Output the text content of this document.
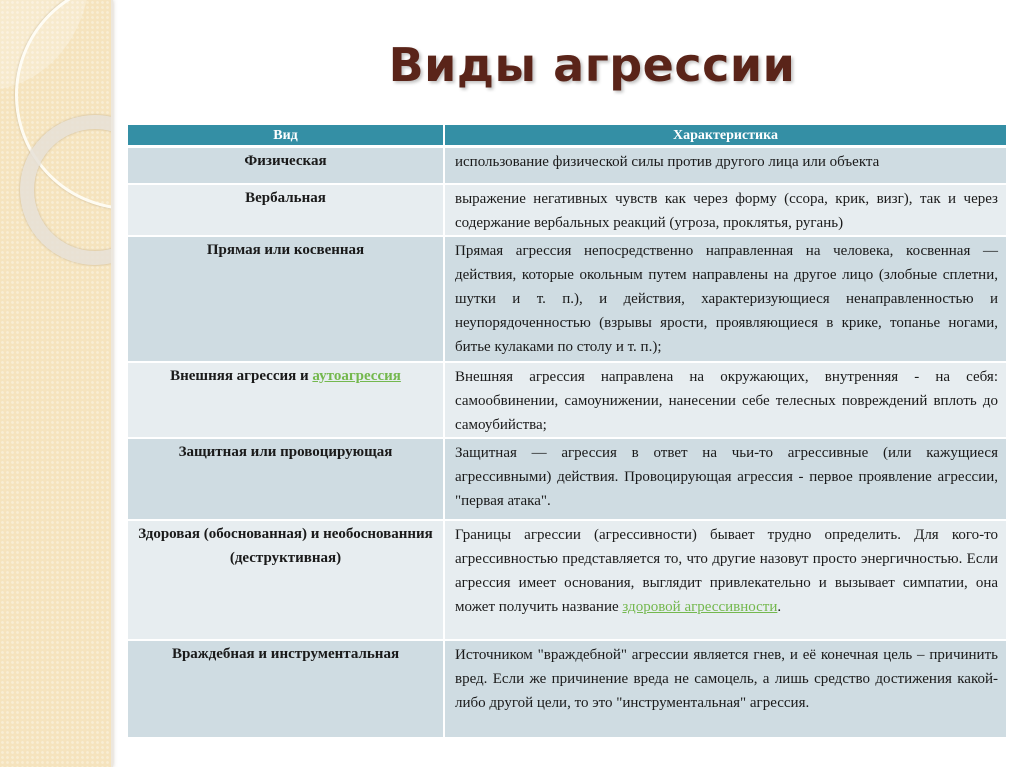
Виды агрессии
Вид	Характеристика
Физическая	использование физической силы против другого лица или объекта
Вербальная	выражение негативных чувств как через форму (ссора, крик, визг), так и через содержание вербальных реакций (угроза, проклятья, ругань)
Прямая или косвенная	Прямая агрессия непосредственно направленная на человека, косвенная — действия, которые окольным путем направлены на другое лицо (злобные сплетни, шутки и т. п.), и действия, характеризующиеся ненаправленностью и неупорядоченностью (взрывы ярости, проявляющиеся в крике, топанье ногами, битье кулаками по столу и т. п.);
Внешняя агрессия и аутоагрессия	Внешняя агрессия направлена на окружающих, внутренняя - на себя: самообвинении, самоунижении, нанесении себе телесных повреждений вплоть до самоубийства;
Защитная или провоцирующая	Защитная — агрессия в ответ на чьи-то агрессивные (или кажущиеся агрессивными) действия. Провоцирующая агрессия - первое проявление агрессии, "первая атака".
Здоровая (обоснованная) и необоснованния (деструктивная)	Границы агрессии (агрессивности) бывает трудно определить. Для кого-то агрессивностью представляется то, что другие назовут просто энергичностью. Если агрессия имеет основания, выглядит привлекательно и вызывает симпатии, она может получить название здоровой агрессивности.
Враждебная и инструментальная	Источником "враждебной" агрессии является гнев, и её конечная цель – причинить вред. Если же причинение вреда не самоцель, а лишь средство достижения какой-либо другой цели, то это "инструментальная" агрессия.
